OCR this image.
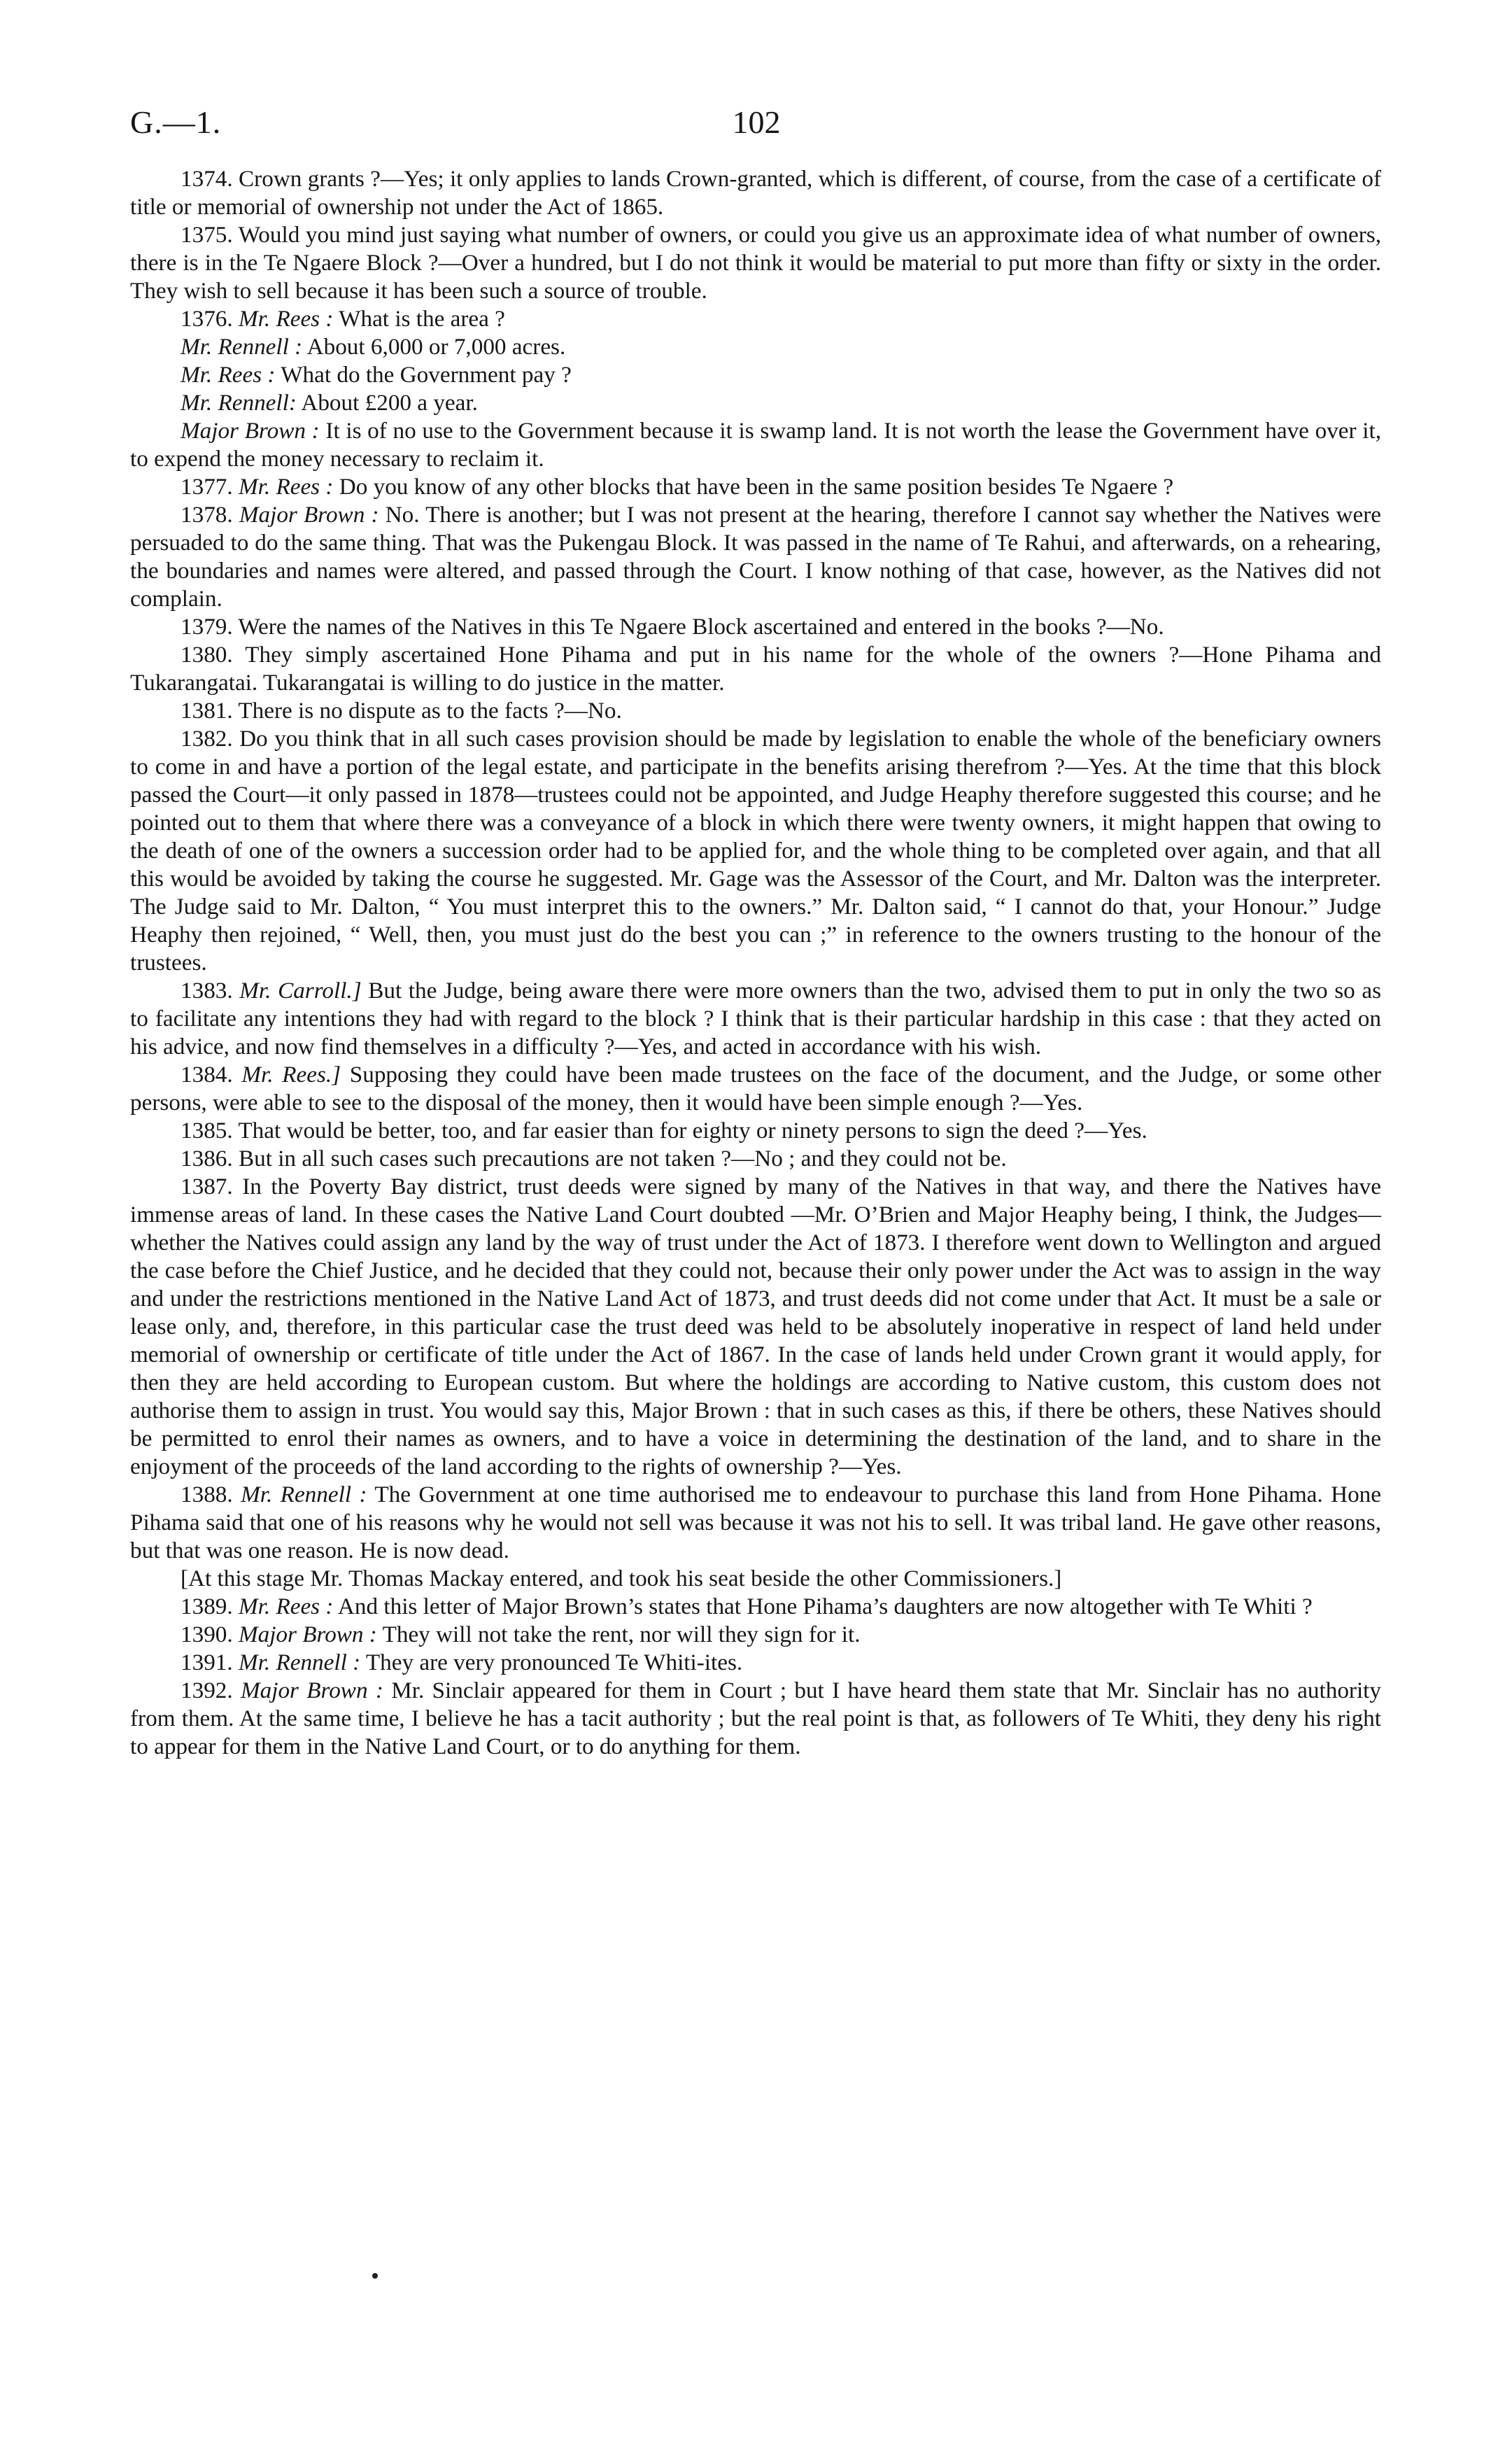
G.—1.	102

1374. Crown grants ?—Yes; it only applies to lands Crown-granted, which is different, of course, from the case of a certificate of title or memorial of ownership not under the Act of 1865.

1375. Would you mind just saying what number of owners, or could you give us an approximate idea of what number of owners, there is in the Te Ngaere Block ?—Over a hundred, but I do not think it would be material to put more than fifty or sixty in the order. They wish to sell because it has been such a source of trouble.

1376. Mr. Rees : What is the area ?

Mr. Rennell : About 6,000 or 7,000 acres.

Mr. Rees : What do the Government pay ?

Mr. Rennell: About £200 a year.

Major Brown : It is of no use to the Government because it is swamp land. It is not worth the lease the Government have over it, to expend the money necessary to reclaim it.

1377. Mr. Rees : Do you know of any other blocks that have been in the same position besides Te Ngaere ?

1378. Major Brown : No. There is another; but I was not present at the hearing, therefore I cannot say whether the Natives were persuaded to do the same thing. That was the Pukengau Block. It was passed in the name of Te Rahui, and afterwards, on a rehearing, the boundaries and names were altered, and passed through the Court. I know nothing of that case, however, as the Natives did not complain.

1379. Were the names of the Natives in this Te Ngaere Block ascertained and entered in the books ?—No.

1380. They simply ascertained Hone Pihama and put in his name for the whole of the owners ?—Hone Pihama and Tukarangatai. Tukarangatai is willing to do justice in the matter.

1381. There is no dispute as to the facts ?—No.

1382. Do you think that in all such cases provision should be made by legislation to enable the whole of the beneficiary owners to come in and have a portion of the legal estate, and participate in the benefits arising therefrom ?—Yes. At the time that this block passed the Court—it only passed in 1878—trustees could not be appointed, and Judge Heaphy therefore suggested this course; and he pointed out to them that where there was a conveyance of a block in which there were twenty owners, it might happen that owing to the death of one of the owners a succession order had to be applied for, and the whole thing to be completed over again, and that all this would be avoided by taking the course he suggested. Mr. Gage was the Assessor of the Court, and Mr. Dalton was the interpreter. The Judge said to Mr. Dalton, “ You must interpret this to the owners.” Mr. Dalton said, “ I cannot do that, your Honour.” Judge Heaphy then rejoined, “ Well, then, you must just do the best you can ;” in reference to the owners trusting to the honour of the trustees.

1383. Mr. Carroll.] But the Judge, being aware there were more owners than the two, advised them to put in only the two so as to facilitate any intentions they had with regard to the block ? I think that is their particular hardship in this case : that they acted on his advice, and now find themselves in a difficulty ?—Yes, and acted in accordance with his wish.

1384. Mr. Rees.] Supposing they could have been made trustees on the face of the document, and the Judge, or some other persons, were able to see to the disposal of the money, then it would have been simple enough ?—Yes.

1385. That would be better, too, and far easier than for eighty or ninety persons to sign the deed ?—Yes.

1386. But in all such cases such precautions are not taken ?—No ; and they could not be.

1387. In the Poverty Bay district, trust deeds were signed by many of the Natives in that way, and there the Natives have immense areas of land. In these cases the Native Land Court doubted —Mr. O’Brien and Major Heaphy being, I think, the Judges—whether the Natives could assign any land by the way of trust under the Act of 1873. I therefore went down to Wellington and argued the case before the Chief Justice, and he decided that they could not, because their only power under the Act was to assign in the way and under the restrictions mentioned in the Native Land Act of 1873, and trust deeds did not come under that Act. It must be a sale or lease only, and, therefore, in this particular case the trust deed was held to be absolutely inoperative in respect of land held under memorial of ownership or certificate of title under the Act of 1867. In the case of lands held under Crown grant it would apply, for then they are held according to European custom. But where the holdings are according to Native custom, this custom does not authorise them to assign in trust. You would say this, Major Brown : that in such cases as this, if there be others, these Natives should be permitted to enrol their names as owners, and to have a voice in determining the destination of the land, and to share in the enjoyment of the proceeds of the land according to the rights of ownership ?—Yes.

1388. Mr. Rennell : The Government at one time authorised me to endeavour to purchase this land from Hone Pihama. Hone Pihama said that one of his reasons why he would not sell was because it was not his to sell. It was tribal land. He gave other reasons, but that was one reason. He is now dead.

[At this stage Mr. Thomas Mackay entered, and took his seat beside the other Commissioners.]

1389. Mr. Rees : And this letter of Major Brown’s states that Hone Pihama’s daughters are now altogether with Te Whiti ?

1390. Major Brown : They will not take the rent, nor will they sign for it.

1391. Mr. Rennell : They are very pronounced Te Whiti-ites.

1392. Major Brown : Mr. Sinclair appeared for them in Court ; but I have heard them state that Mr. Sinclair has no authority from them. At the same time, I believe he has a tacit authority ; but the real point is that, as followers of Te Whiti, they deny his right to appear for them in the Native Land Court, or to do anything for them.
